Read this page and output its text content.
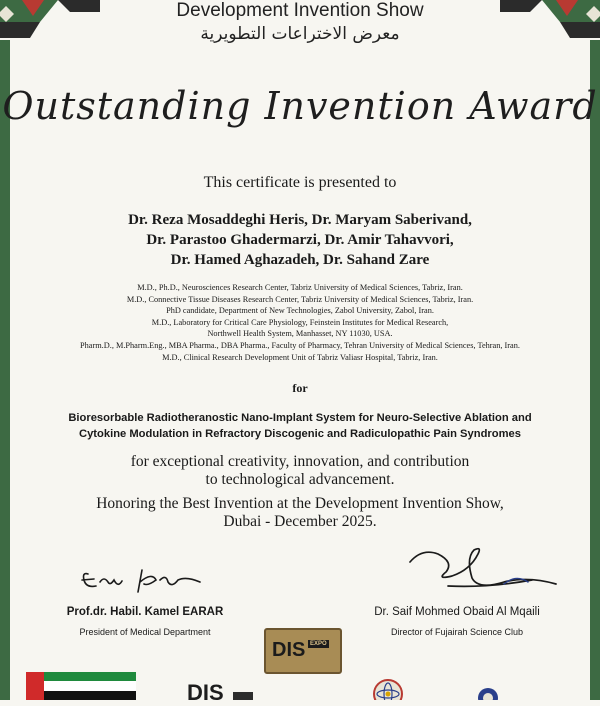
Development Invention Show
معرض الاختراعات التطويرية
Outstanding Invention Award
This certificate is presented to
Dr. Reza Mosaddeghi Heris, Dr. Maryam Saberivand,
Dr. Parastoo Ghadermarzi, Dr. Amir Tahavvori,
Dr. Hamed Aghazadeh, Dr. Sahand Zare
M.D., Ph.D., Neurosciences Research Center, Tabriz University of Medical Sciences, Tabriz, Iran.
M.D., Connective Tissue Diseases Research Center, Tabriz University of Medical Sciences, Tabriz, Iran.
PhD candidate, Department of New Technologies, Zabol University, Zabol, Iran.
M.D., Laboratory for Critical Care Physiology, Feinstein Institutes for Medical Research,
Northwell Health System, Manhasset, NY 11030, USA.
Pharm.D., M.Pharm.Eng., MBA Pharma., DBA Pharma., Faculty of Pharmacy, Tehran University of Medical Sciences, Tehran, Iran.
M.D., Clinical Research Development Unit of Tabriz Valiasr Hospital, Tabriz, Iran.
for
Bioresorbable Radiotheranostic Nano-Implant System for Neuro-Selective Ablation and
Cytokine Modulation in Refractory Discogenic and Radiculopathic Pain Syndromes
for exceptional creativity, innovation, and contribution
to technological advancement.
Honoring the Best Invention at the Development Invention Show,
Dubai - December 2025.
Prof.dr. Habil. Kamel EARAR
President of Medical Department
Dr. Saif Mohmed Obaid Al Mqaili
Director of Fujairah Science Club
DIS EXPO
DIS
